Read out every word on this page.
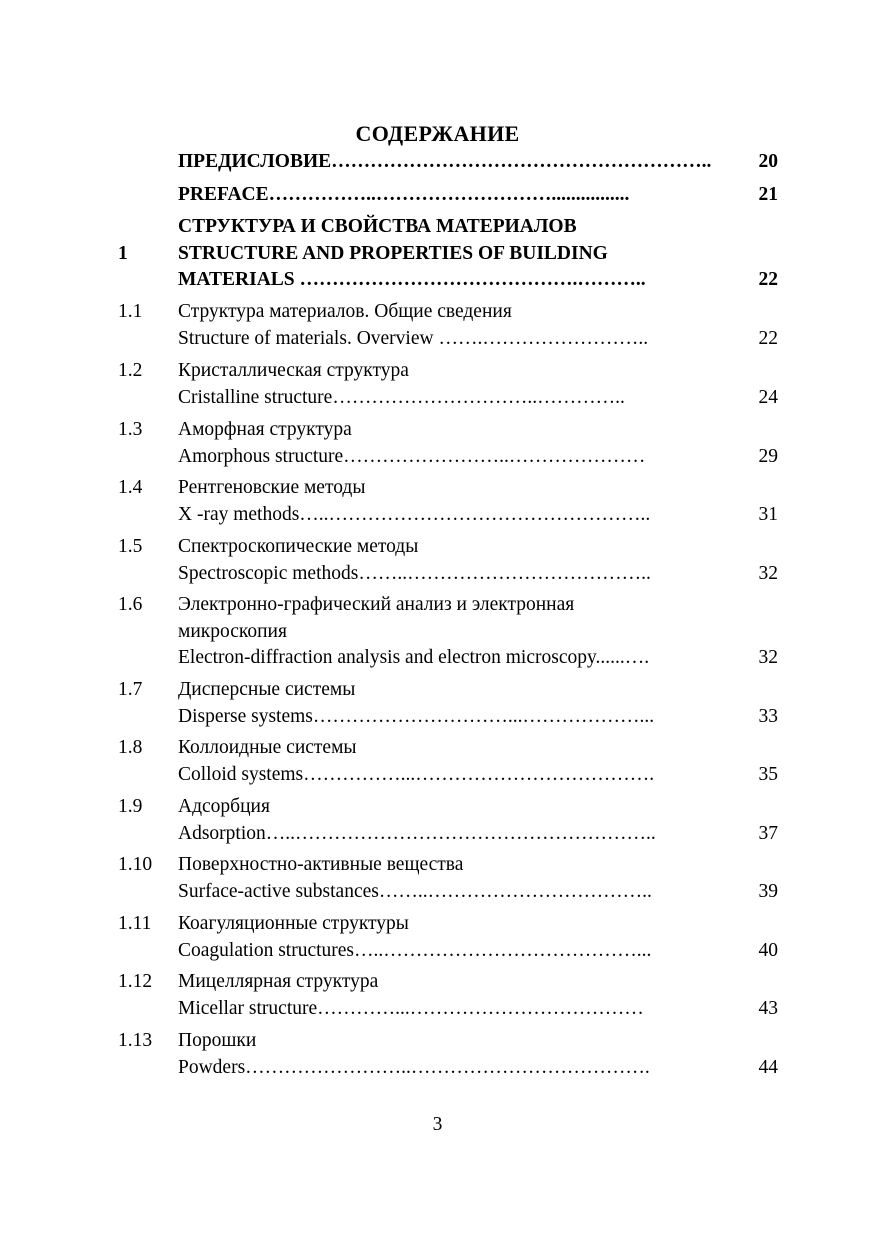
СОДЕРЖАНИЕ
ПРЕДИСЛОВИЕ…………………………………………………..	20
PREFACE……………..………………………................	21
1
СТРУКТУРА И СВОЙСТВА МАТЕРИАЛОВ
STRUCTURE AND PROPERTIES OF BUILDING
MATERIALS …………………………………….………..	22
1.1 Структура материалов. Общие сведения
Structure of materials. Overview …….……………………..	22
1.2 Кристаллическая структура
Cristalline structure…………………………..…………..	24
1.3 Аморфная структура
Amorphous structure……………………..…………………	29
1.4 Рентгеновские методы
X -ray methods…..…………………………………………..	31
1.5 Спектроскопические методы
Spectroscopic methods……..………………………………..	32
1.6 Электронно-графический анализ и электронная
микроскопия
Electron-diffraction analysis and electron microscopy......….	32
1.7 Дисперсные системы
Disperse systems…………………………...………………...	33
1.8 Коллоидные системы
Colloid systems……………...……………………………….	35
1.9 Адсорбция
Adsorption…..………………………………………………..	37
1.10 Поверхностно-активные вещества
Surface-active substances……..……………………………..	39
1.11 Коагуляционные структуры
Coagulation structures…..…………………………………...	40
1.12 Мицеллярная структура
Micellar structure…………...………………………………	43
1.13 Порошки
Powders……………………..……………………………….	44
3
